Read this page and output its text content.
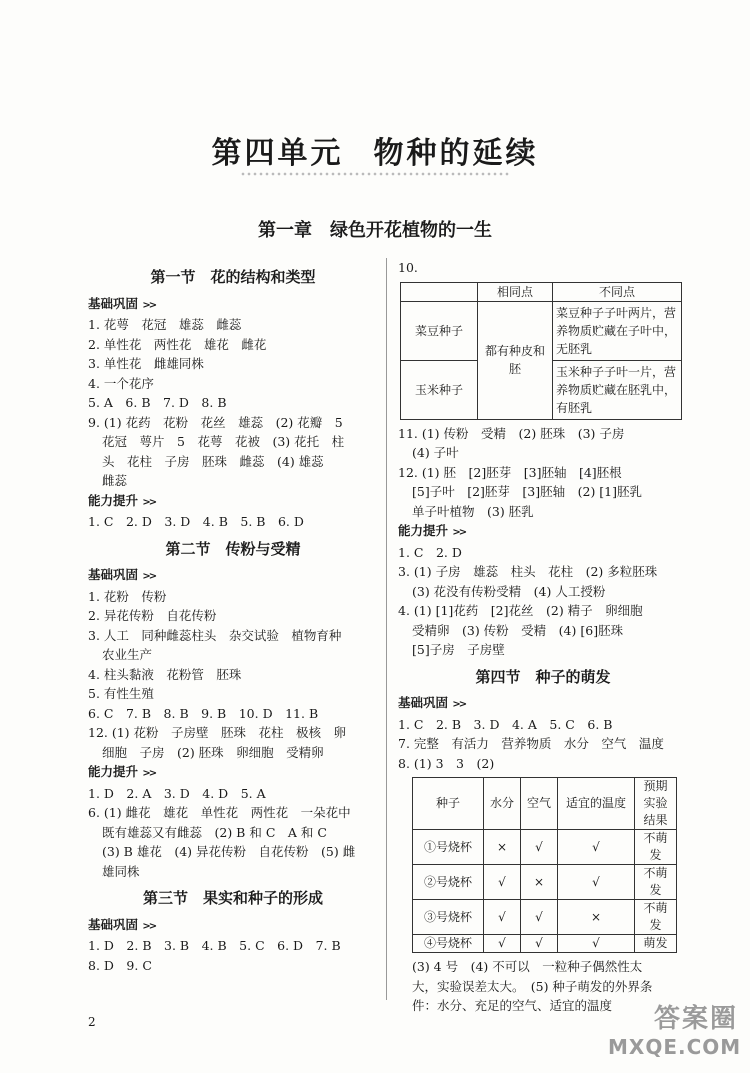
第四单元 物种的延续
第一章　绿色开花植物的一生
第一节　花的结构和类型
基础巩固 >>
1. 花萼　花冠　雄蕊　雌蕊
2. 单性花　两性花　雄花　雌花
3. 单性花　雌雄同株
4. 一个花序
5. A　6. B　7. D　8. B
9. (1) 花药　花粉　花丝　雄蕊　(2) 花瓣　5
花冠　萼片　5　花萼　花被　(3) 花托　柱
头　花柱　子房　胚珠　雌蕊　(4) 雄蕊
雌蕊
能力提升 >>
1. C　2. D　3. D　4. B　5. B　6. D
第二节　传粉与受精
基础巩固 >>
1. 花粉　传粉
2. 异花传粉　自花传粉
3. 人工　同种雌蕊柱头　杂交试验　植物育种
农业生产
4. 柱头黏液　花粉管　胚珠
5. 有性生殖
6. C　7. B　8. B　9. B　10. D　11. B
12. (1) 花粉　子房壁　胚珠　花柱　极核　卵
细胞　子房　(2) 胚珠　卵细胞　受精卵
能力提升 >>
1. D　2. A　3. D　4. D　5. A
6. (1) 雌花　雄花　单性花　两性花　一朵花中
既有雄蕊又有雌蕊　(2) B 和 C　A 和 C
(3) B 雄花　(4) 异花传粉　自花传粉　(5) 雌
雄同株
第三节　果实和种子的形成
基础巩固 >>
1. D　2. B　3. B　4. B　5. C　6. D　7. B
8. D　9. C
10.
	相同点	不同点
菜豆种子	都有种皮和胚	菜豆种子子叶两片，营养物质贮藏在子叶中，无胚乳
玉米种子		玉米种子子叶一片，营养物质贮藏在胚乳中，有胚乳
11. (1) 传粉　受精　(2) 胚珠　(3) 子房
(4) 子叶
12. (1) 胚　[2]胚芽　[3]胚轴　[4]胚根
[5]子叶　[2]胚芽　[3]胚轴　(2) [1]胚乳
单子叶植物　(3) 胚乳
能力提升 >>
1. C　2. D
3. (1) 子房　雄蕊　柱头　花柱　(2) 多粒胚珠
(3) 花没有传粉受精　(4) 人工授粉
4. (1) [1]花药　[2]花丝　(2) 精子　卵细胞
受精卵　(3) 传粉　受精　(4) [6]胚珠
[5]子房　子房壁
第四节　种子的萌发
基础巩固 >>
1. C　2. B　3. D　4. A　5. C　6. B
7. 完整　有活力　营养物质　水分　空气　温度
8. (1) 3　3　(2)
种子	水分	空气	适宜的温度	预期实验结果
①号烧杯	×	√	√	不萌发
②号烧杯	√	×	√	不萌发
③号烧杯	√	√	×	不萌发
④号烧杯	√	√	√	萌发
(3) 4 号　(4) 不可以　一粒种子偶然性太
大，实验误差太大。　(5) 种子萌发的外界条
件：水分、充足的空气、适宜的温度
2	答案圈
MXQE.COM
